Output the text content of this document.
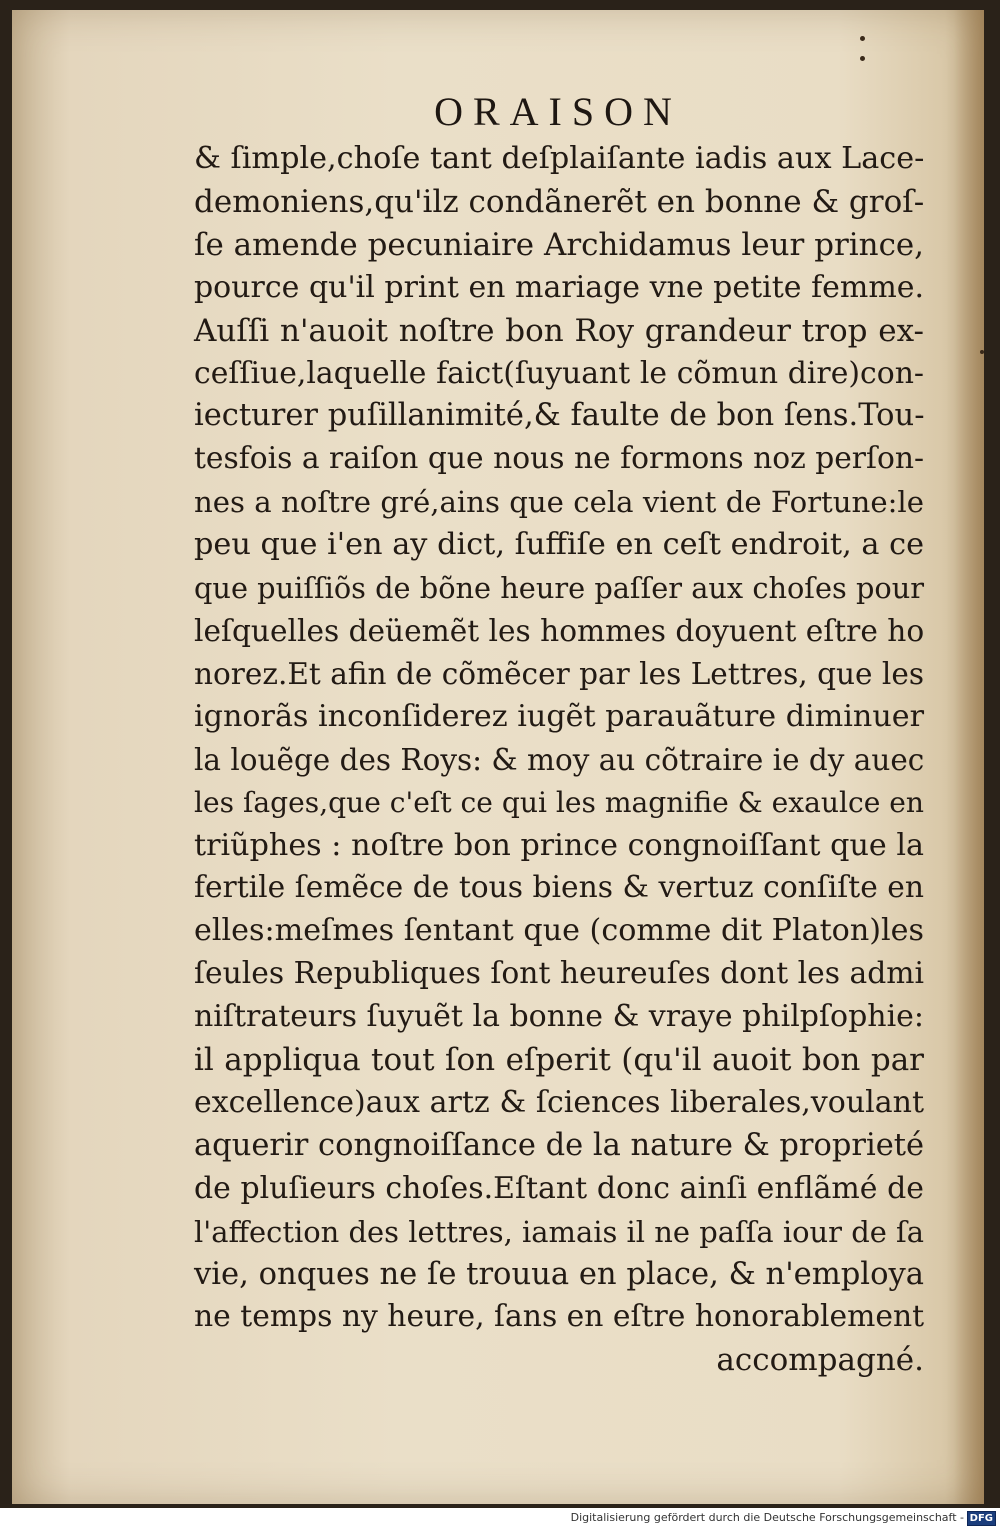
ORAISON
& ſimple,choſe tant deſplaiſante iadis aux Lace-
demoniens,qu'ilz condãnerẽt en bonne & groſ-
ſe amende pecuniaire Archidamus leur prince,
pource qu'il print en mariage vne petite femme.
Auſſi n'auoit noſtre bon Roy grandeur trop ex-
ceſſiue,laquelle faict(ſuyuant le cõmun dire)con-
iecturer puſillanimité,& faulte de bon ſens.Tou-
tesfois a raiſon que nous ne formons noz perſon-
nes a noſtre gré,ains que cela vient de Fortune:le
peu que i'en ay dict, ſuffiſe en ceſt endroit, a ce
que puiſſiõs de bõne heure paſſer aux choſes pour
leſquelles deüemẽt les hommes doyuent eſtre ho
norez.Et afin de cõmẽcer par les Lettres, que les
ignorãs inconſiderez iugẽt parauãture diminuer
la louẽge des Roys: & moy au cõtraire ie dy auec
les ſages,que c'eſt ce qui les magnifie & exaulce en
triũphes : noſtre bon prince congnoiſſant que la
fertile ſemẽce de tous biens & vertuz conſiſte en
elles:meſmes ſentant que (comme dit Platon)les
ſeules Republiques ſont heureuſes dont les admi
niſtrateurs ſuyuẽt la bonne & vraye philpſophie:
il appliqua tout ſon eſperit (qu'il auoit bon par
excellence)aux artz & ſciences liberales,voulant
aquerir congnoiſſance de la nature & proprieté
de pluſieurs choſes.Eſtant donc ainſi enflãmé de
l'affection des lettres, iamais il ne paſſa iour de ſa
vie, onques ne ſe trouua en place, & n'employa
ne temps ny heure, ſans en eſtre honorablement
accompagné.
Digitalisierung gefördert durch die Deutsche Forschungsgemeinschaft - DFG
